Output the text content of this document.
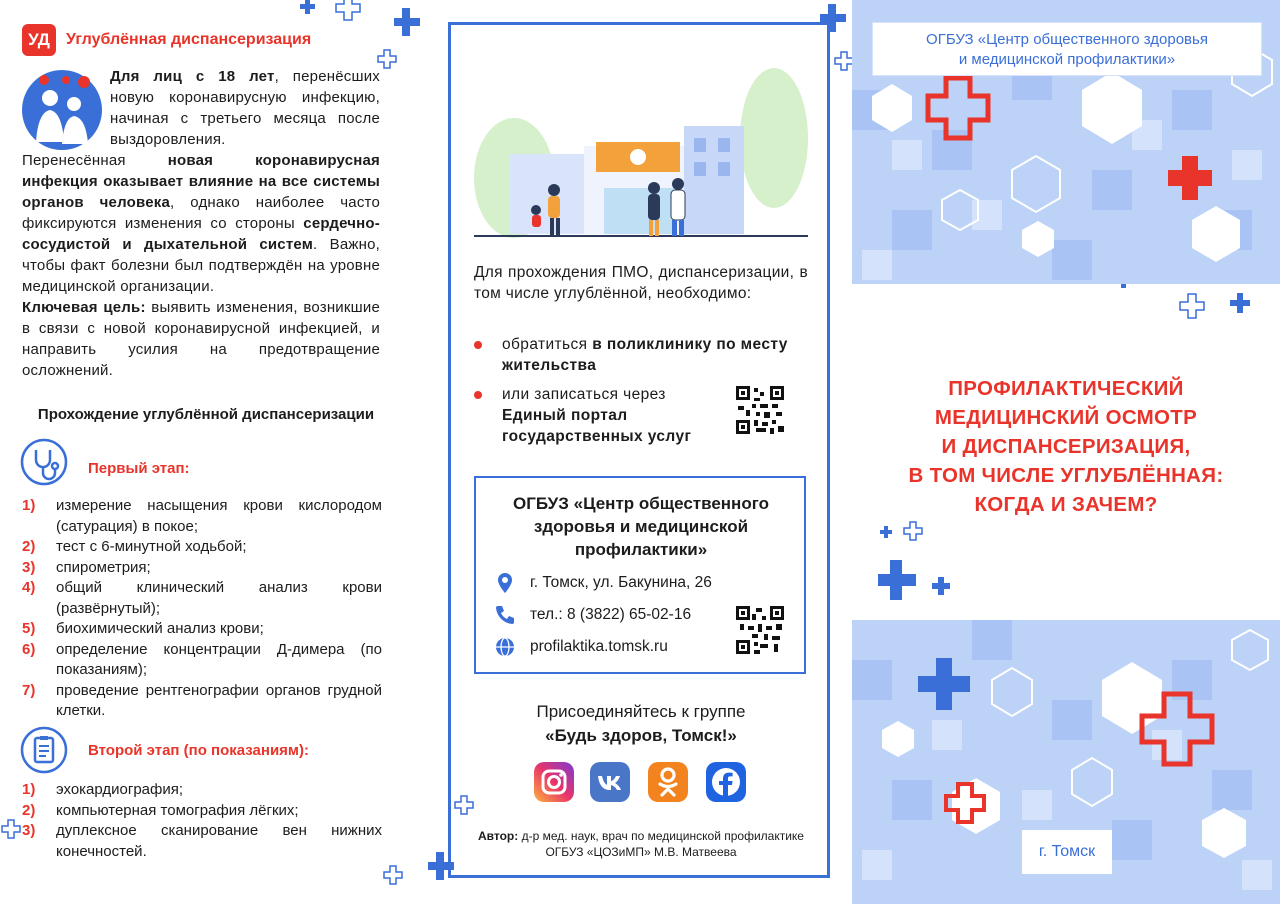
УД	Углублённая диспансеризация

Для лиц с 18 лет, перенёсших новую коронавирусную инфекцию, начиная с третьего месяца после выздоровления.

Перенесённая новая коронавирусная инфекция оказывает влияние на все системы органов человека, однако наиболее часто фиксируются изменения со стороны сердечно-сосудистой и дыхательной систем. Важно, чтобы факт болезни был подтверждён на уровне медицинской организации.

Ключевая цель: выявить изменения, возникшие в связи с новой коронавирусной инфекцией, и направить усилия на предотвращение осложнений.

Прохождение углублённой диспансеризации
Первый этап:
1)	измерение насыщения крови кислородом (сатурация) в покое;
2)	тест с 6-минутной ходьбой;
3)	спирометрия;
4)	общий клинический анализ крови (развёрнутый);
5)	биохимический анализ крови;
6)	определение концентрации Д-димера (по показаниям);
7)	проведение рентгенографии органов грудной клетки.
Второй этап (по показаниям):
1)	эхокардиография;
2)	компьютерная томография лёгких;
3)	дуплексное сканирование вен нижних конечностей.
Для прохождения ПМО, диспансеризации, в том числе углублённой, необходимо:
обратиться в поликлинику по месту жительства
или записаться через Единый портал государственных услуг
ОГБУЗ «Центр общественного здоровья и медицинской профилактики»
г. Томск, ул. Бакунина, 26
тел.: 8 (3822) 65-02-16
profilaktika.tomsk.ru
Присоединяйтесь к группе
«Будь здоров, Томск!»
Автор: д-р мед. наук, врач по медицинской профилактике ОГБУЗ «ЦОЗиМП» М.В. Матвеева
ОГБУЗ «Центр общественного здоровья
и медицинской профилактики»
ПРОФИЛАКТИЧЕСКИЙ
МЕДИЦИНСКИЙ ОСМОТР
И ДИСПАНСЕРИЗАЦИЯ,
В ТОМ ЧИСЛЕ УГЛУБЛЁННАЯ:
КОГДА И ЗАЧЕМ?
г. Томск
